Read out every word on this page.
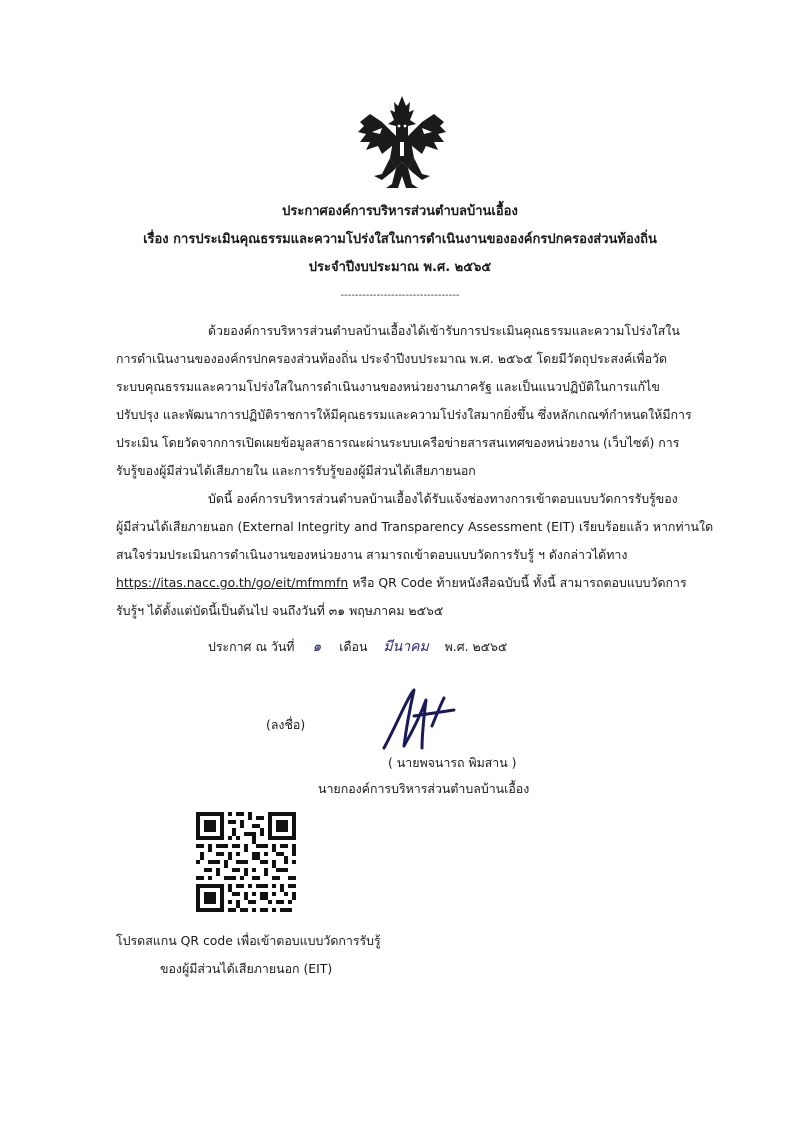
ประกาศองค์การบริหารส่วนตำบลบ้านเอื้อง
เรื่อง การประเมินคุณธรรมและความโปร่งใสในการดำเนินงานขององค์กรปกครองส่วนท้องถิ่น
ประจำปีงบประมาณ พ.ศ. ๒๕๖๕
---------------------------------
ด้วยองค์การบริหารส่วนตำบลบ้านเอื้องได้เข้ารับการประเมินคุณธรรมและความโปร่งใสใน
การดำเนินงานขององค์กรปกครองส่วนท้องถิ่น ประจำปีงบประมาณ พ.ศ. ๒๕๖๕ โดยมีวัตถุประสงค์เพื่อวัด
ระบบคุณธรรมและความโปร่งใสในการดำเนินงานของหน่วยงานภาครัฐ และเป็นแนวปฏิบัติในการแก้ไข
ปรับปรุง และพัฒนาการปฏิบัติราชการให้มีคุณธรรมและความโปร่งใสมากยิ่งขึ้น ซึ่งหลักเกณฑ์กำหนดให้มีการ
ประเมิน โดยวัดจากการเปิดเผยข้อมูลสาธารณะผ่านระบบเครือข่ายสารสนเทศของหน่วยงาน (เว็บไซต์) การ
รับรู้ของผู้มีส่วนได้เสียภายใน และการรับรู้ของผู้มีส่วนได้เสียภายนอก
บัดนี้ องค์การบริหารส่วนตำบลบ้านเอื้องได้รับแจ้งช่องทางการเข้าตอบแบบวัดการรับรู้ของ
ผู้มีส่วนได้เสียภายนอก (External Integrity and Transparency Assessment (EIT) เรียบร้อยแล้ว หากท่านใด
สนใจร่วมประเมินการดำเนินงานของหน่วยงาน สามารถเข้าตอบแบบวัดการรับรู้ ฯ ดังกล่าวได้ทาง
https://itas.nacc.go.th/go/eit/mfmmfn หรือ QR Code ท้ายหนังสือฉบับนี้ ทั้งนี้ สามารถตอบแบบวัดการ
รับรู้ฯ ได้ตั้งแต่บัดนี้เป็นต้นไป จนถึงวันที่ ๓๑ พฤษภาคม ๒๕๖๕
ประกาศ ณ วันที่ ๑ เดือน มีนาคม พ.ศ. ๒๕๖๕
(ลงชื่อ)
( นายพจนารถ พิมสาน )
นายกองค์การบริหารส่วนตำบลบ้านเอื้อง
โปรดสแกน QR code เพื่อเข้าตอบแบบวัดการรับรู้
ของผู้มีส่วนได้เสียภายนอก (EIT)
